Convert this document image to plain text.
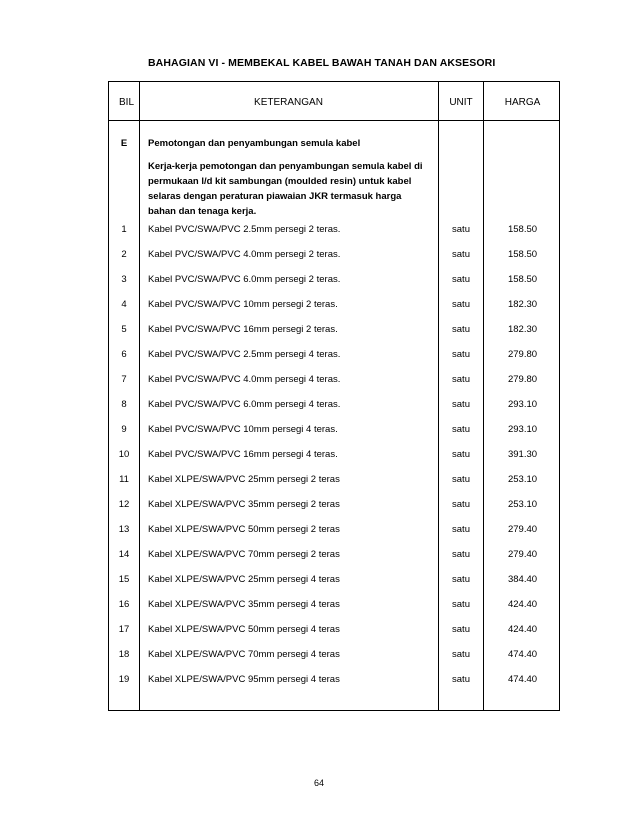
BAHAGIAN VI - MEMBEKAL KABEL BAWAH TANAH DAN AKSESORI
BIL	KETERANGAN	UNIT	HARGA
E	Pemotongan dan penyambungan semula kabel
Kerja-kerja pemotongan dan penyambungan semula kabel di
permukaan l/d kit sambungan (moulded resin) untuk kabel
selaras dengan peraturan piawaian JKR termasuk harga
bahan dan tenaga kerja.
1	Kabel PVC/SWA/PVC 2.5mm persegi 2 teras.	satu	158.50
2	Kabel PVC/SWA/PVC 4.0mm persegi 2 teras.	satu	158.50
3	Kabel PVC/SWA/PVC 6.0mm persegi 2 teras.	satu	158.50
4	Kabel PVC/SWA/PVC 10mm persegi 2 teras.	satu	182.30
5	Kabel PVC/SWA/PVC 16mm persegi 2 teras.	satu	182.30
6	Kabel PVC/SWA/PVC 2.5mm persegi 4 teras.	satu	279.80
7	Kabel PVC/SWA/PVC 4.0mm persegi 4 teras.	satu	279.80
8	Kabel PVC/SWA/PVC 6.0mm persegi 4 teras.	satu	293.10
9	Kabel PVC/SWA/PVC 10mm persegi 4 teras.	satu	293.10
10	Kabel PVC/SWA/PVC 16mm persegi 4 teras.	satu	391.30
11	Kabel XLPE/SWA/PVC 25mm persegi 2 teras	satu	253.10
12	Kabel XLPE/SWA/PVC 35mm persegi 2 teras	satu	253.10
13	Kabel XLPE/SWA/PVC 50mm persegi 2 teras	satu	279.40
14	Kabel XLPE/SWA/PVC 70mm persegi 2 teras	satu	279.40
15	Kabel XLPE/SWA/PVC 25mm persegi 4 teras	satu	384.40
16	Kabel XLPE/SWA/PVC 35mm persegi 4 teras	satu	424.40
17	Kabel XLPE/SWA/PVC 50mm persegi 4 teras	satu	424.40
18	Kabel XLPE/SWA/PVC 70mm persegi 4 teras	satu	474.40
19	Kabel XLPE/SWA/PVC 95mm persegi 4 teras	satu	474.40
64
